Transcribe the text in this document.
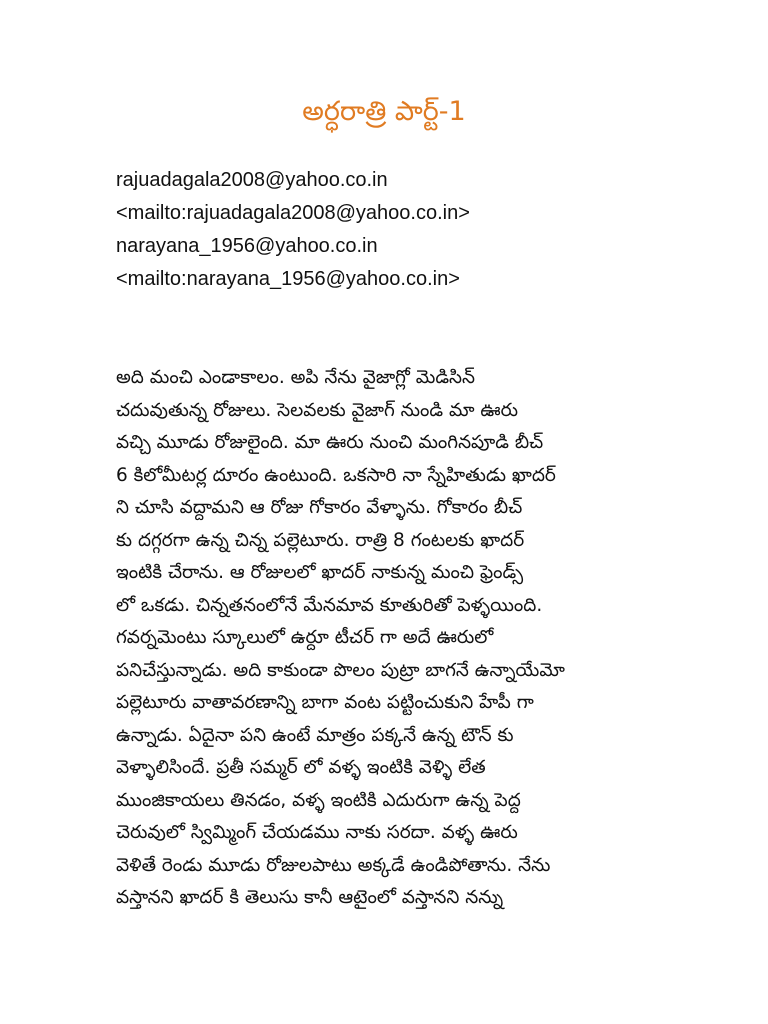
అర్ధరాత్రి పార్ట్-1
rajuadagala2008@yahoo.co.in
<mailto:rajuadagala2008@yahoo.co.in>
narayana_1956@yahoo.co.in
<mailto:narayana_1956@yahoo.co.in>
అది మంచి ఎండాకాలం. అపి నేను వైజాగ్లో మెడిసిన్
చదువుతున్న రోజులు. సెలవలకు వైజాగ్ నుండి మా ఊరు
వచ్చి మూడు రోజులైంది. మా ఊరు నుంచి మంగినపూడి బీచ్
6 కిలోమీటర్ల దూరం ఉంటుంది. ఒకసారి నా స్నేహితుడు ఖాదర్
ని చూసి వద్దామని ఆ రోజు గోకారం వేళ్ళాను. గోకారం బీచ్
కు దగ్గరగా ఉన్న చిన్న పల్లెటూరు. రాత్రి 8 గంటలకు ఖాదర్
ఇంటికి చేరాను. ఆ రోజులలో ఖాదర్ నాకున్న మంచి ఫ్రెండ్స్
లో ఒకడు. చిన్నతనంలోనే మేనమావ కూతురితో పెళ్ళయింది.
గవర్నమెంటు స్కూలులో ఉర్దూ టీచర్ గా అదే ఊరులో
పనిచేస్తున్నాడు. అది కాకుండా పొలం పుట్రా బాగనే ఉన్నాయేమో
పల్లెటూరు వాతావరణాన్ని బాగా వంట పట్టించుకుని హేపీ గా
ఉన్నాడు. ఏదైనా పని ఉంటే మాత్రం పక్కనే ఉన్న టౌన్ కు
వెళ్ళాలిసిందే. ప్రతీ సమ్మర్ లో వళ్ళ ఇంటికి వెళ్ళి లేత
ముంజికాయలు తినడం, వళ్ళ ఇంటికి ఎదురుగా ఉన్న పెద్ద
చెరువులో స్విమ్మింగ్ చేయడము నాకు సరదా. వళ్ళ ఊరు
వెళితే రెండు మూడు రోజులపాటు అక్కడే ఉండిపోతాను. నేను
వస్తానని ఖాదర్ కి తెలుసు కానీ ఆటైంలో వస్తానని నన్ను
